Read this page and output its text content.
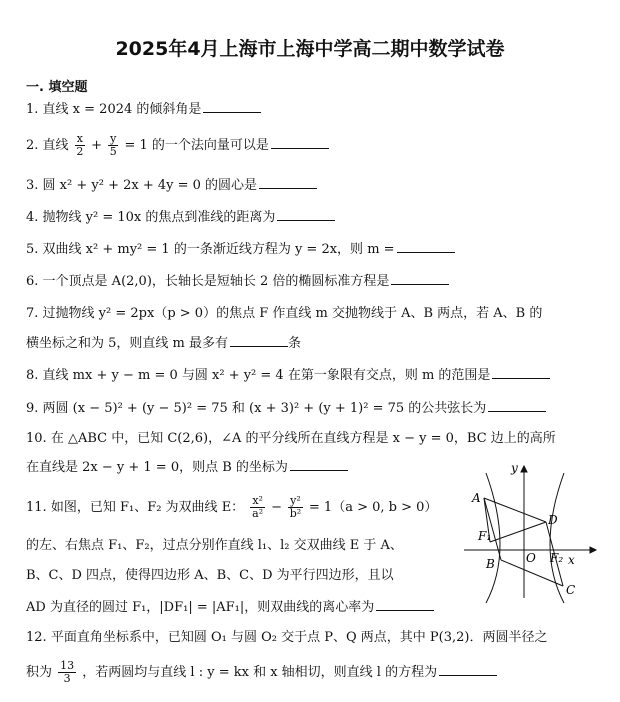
2025年4月上海市上海中学高二期中数学试卷
一. 填空题
1. 直线 x = 2024 的倾斜角是
2. 直线 $\frac{x}{2} + \frac{y}{5} = 1$ 的一个法向量可以是
3. 圆 x² + y² + 2x + 4y = 0 的圆心是
4. 抛物线 y² = 10x 的焦点到准线的距离为
5. 双曲线 x² + my² = 1 的一条渐近线方程为 y = 2x，则 m =
6. 一个顶点是 A(2,0)，长轴长是短轴长 2 倍的椭圆标准方程是
7. 过抛物线 y² = 2px（p > 0）的焦点 F 作直线 m 交抛物线于 A、B 两点，若 A、B 的
横坐标之和为 5，则直线 m 最多有	条
8. 直线 mx + y − m = 0 与圆 x² + y² = 4 在第一象限有交点，则 m 的范围是
9. 两圆 (x − 5)² + (y − 5)² = 75 和 (x + 3)² + (y + 1)² = 75 的公共弦长为
10. 在 △ABC 中，已知 C(2,6)，∠A 的平分线所在直线方程是 x − y = 0，BC 边上的高所
在直线是 2x − y + 1 = 0，则点 B 的坐标为
11. 如图，已知 F₁、F₂ 为双曲线 E： $\frac{\text{x²}}{\text{a²}} - \frac{\text{y²}}{\text{b²}} = 1(a > 0$, b > 0）
的左、右焦点 F₁、F₂，过点分别作直线 l₁、l₂ 交双曲线 E 于 A、
B、C、D 四点，使得四边形 A、B、C、D 为平行四边形，且以
AD 为直径的圆过 F₁，|DF₁| = |AF₁|，则双曲线的离心率为
12. 平面直角坐标系中，已知圆 O₁ 与圆 O₂ 交于点 P、Q 两点，其中 P(3,2)．两圆半径之
积为 $\frac{13}{3}$ ，若两圆均与直线 l : y = kx 和 x 轴相切，则直线 l 的方程为
x
y
O
A
B
C
D
F₁
F₂
